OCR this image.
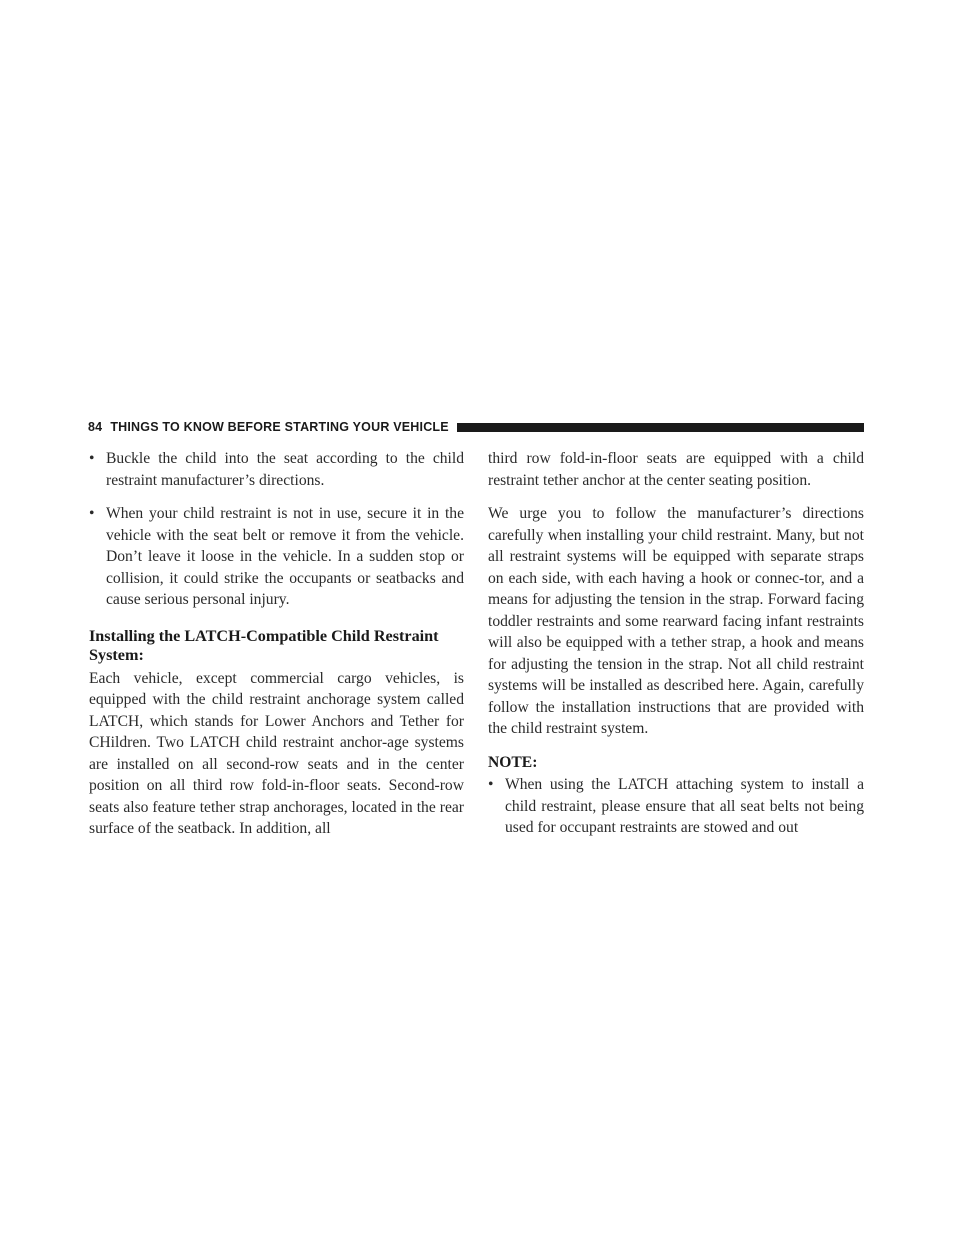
84 THINGS TO KNOW BEFORE STARTING YOUR VEHICLE
• Buckle the child into the seat according to the child restraint manufacturer’s directions.
• When your child restraint is not in use, secure it in the vehicle with the seat belt or remove it from the vehicle. Don’t leave it loose in the vehicle. In a sudden stop or collision, it could strike the occupants or seatbacks and cause serious personal injury.
Installing the LATCH-Compatible Child Restraint System:

Each vehicle, except commercial cargo vehicles, is equipped with the child restraint anchorage system called LATCH, which stands for Lower Anchors and Tether for CHildren. Two LATCH child restraint anchor-age systems are installed on all second-row seats and in the center position on all third row fold-in-floor seats. Second-row seats also feature tether strap anchorages, located in the rear surface of the seatback. In addition, all

third row fold-in-floor seats are equipped with a child restraint tether anchor at the center seating position.

We urge you to follow the manufacturer’s directions carefully when installing your child restraint. Many, but not all restraint systems will be equipped with separate straps on each side, with each having a hook or connec-tor, and a means for adjusting the tension in the strap. Forward facing toddler restraints and some rearward facing infant restraints will also be equipped with a tether strap, a hook and means for adjusting the tension in the strap. Not all child restraint systems will be installed as described here. Again, carefully follow the installation instructions that are provided with the child restraint system.

NOTE:
• When using the LATCH attaching system to install a child restraint, please ensure that all seat belts not being used for occupant restraints are stowed and out
